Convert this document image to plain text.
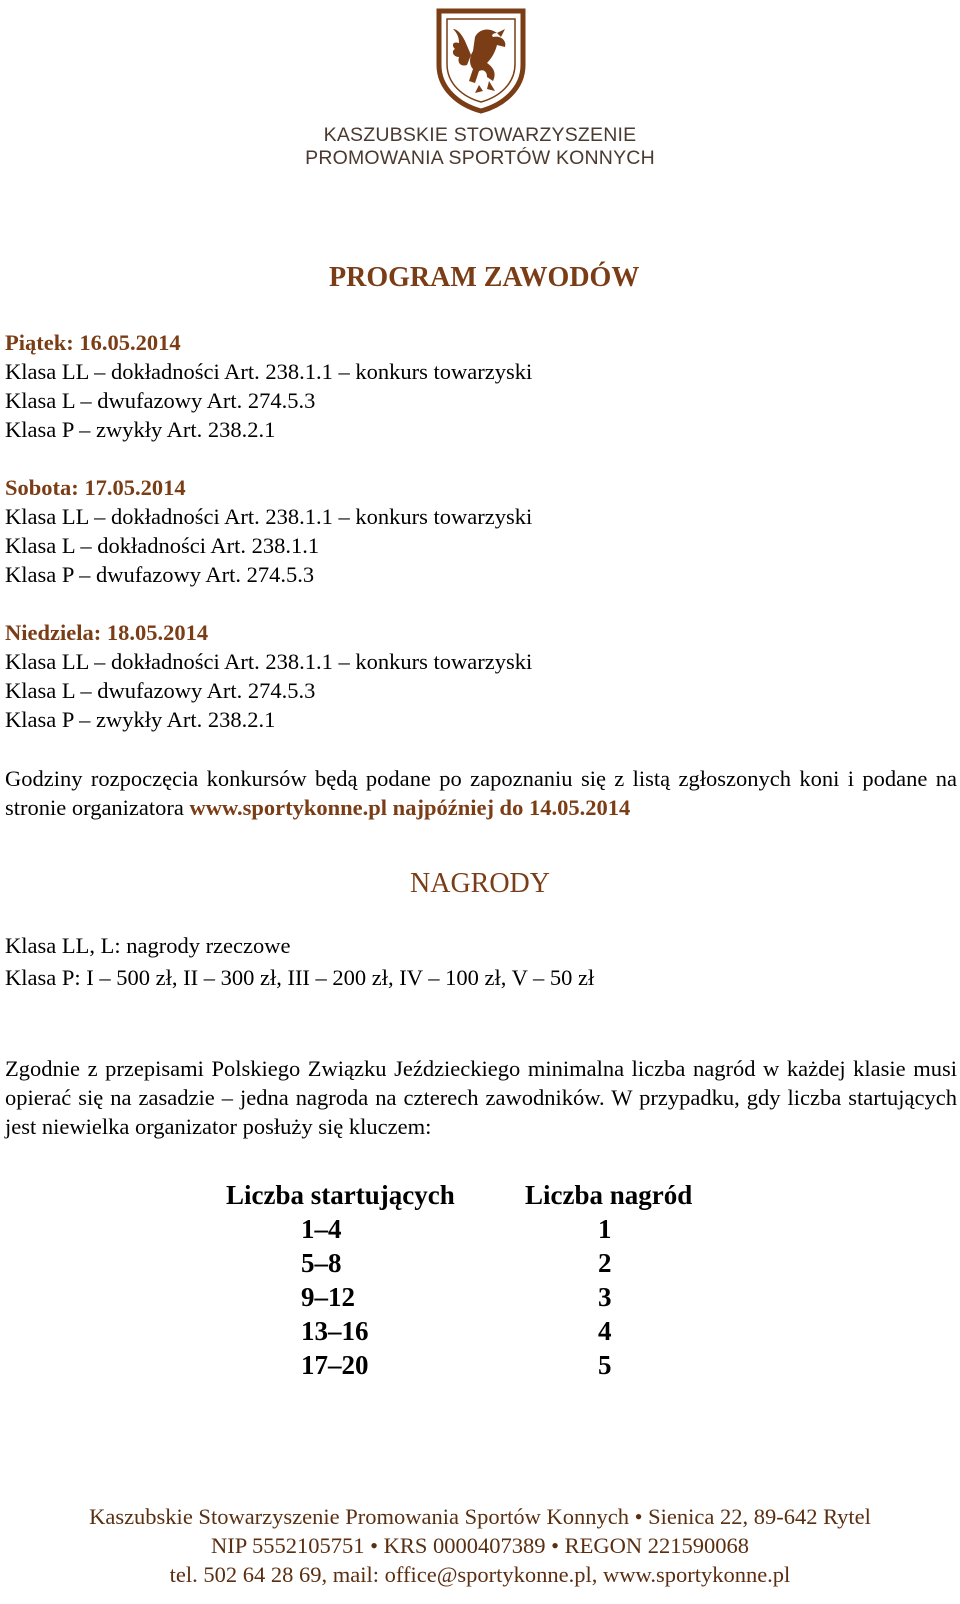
KASZUBSKIE STOWARZYSZENIE
PROMOWANIA SPORTÓW KONNYCH
PROGRAM ZAWODÓW
Piątek: 16.05.2014
Klasa LL – dokładności Art. 238.1.1 – konkurs towarzyski
Klasa L – dwufazowy Art. 274.5.3
Klasa P – zwykły Art. 238.2.1
Sobota: 17.05.2014
Klasa LL – dokładności Art. 238.1.1 – konkurs towarzyski
Klasa L – dokładności Art. 238.1.1
Klasa P – dwufazowy Art. 274.5.3
Niedziela: 18.05.2014
Klasa LL – dokładności Art. 238.1.1 – konkurs towarzyski
Klasa L – dwufazowy Art. 274.5.3
Klasa P – zwykły Art. 238.2.1
Godziny rozpoczęcia konkursów będą podane po zapoznaniu się z listą zgłoszonych koni i podane na stronie organizatora www.sportykonne.pl najpóźniej do 14.05.2014
NAGRODY
Klasa LL, L: nagrody rzeczowe
Klasa P: I – 500 zł, II – 300 zł, III – 200 zł, IV – 100 zł, V – 50 zł
Zgodnie z przepisami Polskiego Związku Jeździeckiego minimalna liczba nagród w każdej klasie musi opierać się na zasadzie – jedna nagroda na czterech zawodników. W przypadku, gdy liczba startujących jest niewielka organizator posłuży się kluczem:
Liczba startujących	Liczba nagród
1–4	1
5–8	2
9–12	3
13–16	4
17–20	5
Kaszubskie Stowarzyszenie Promowania Sportów Konnych • Sienica 22, 89-642 Rytel
NIP 5552105751 • KRS 0000407389 • REGON 221590068
tel. 502 64 28 69, mail: office@sportykonne.pl, www.sportykonne.pl
